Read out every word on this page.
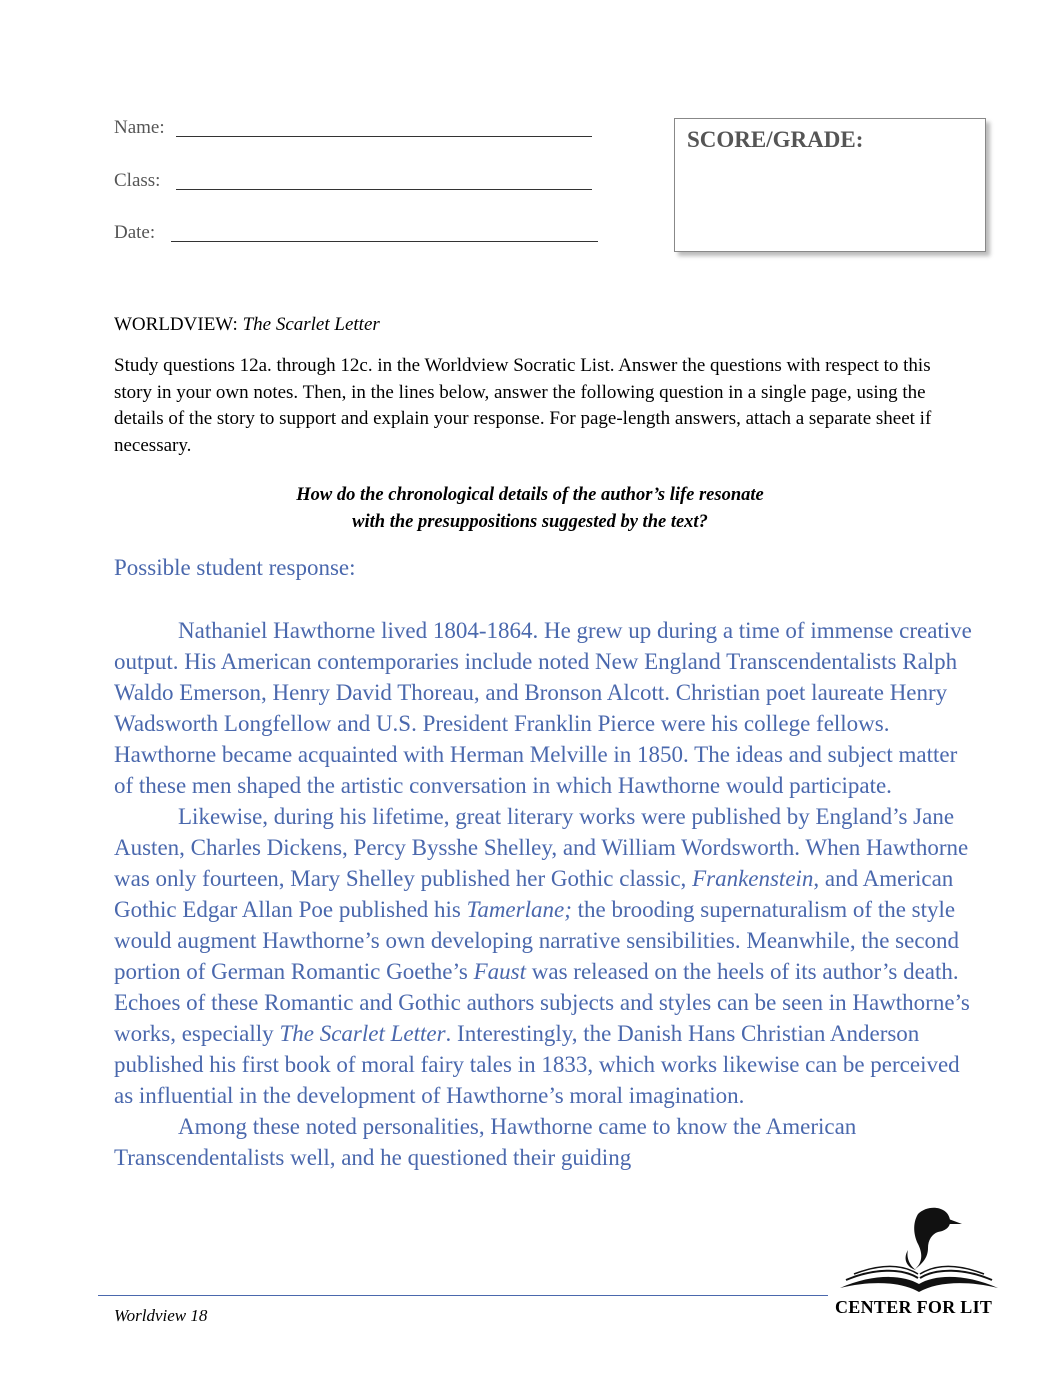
Name:
Class:
Date:
SCORE/GRADE:
WORLDVIEW: The Scarlet Letter
Study questions 12a. through 12c. in the Worldview Socratic List. Answer the questions with respect to this story in your own notes. Then, in the lines below, answer the following question in a single page, using the details of the story to support and explain your response. For page-length answers, attach a separate sheet if necessary.
How do the chronological details of the author’s life resonate
with the presuppositions suggested by the text?
Possible student response:

Nathaniel Hawthorne lived 1804-1864. He grew up during a time of immense creative output. His American contemporaries include noted New England Transcendentalists Ralph Waldo Emerson, Henry David Thoreau, and Bronson Alcott. Christian poet laureate Henry Wadsworth Longfellow and U.S. President Franklin Pierce were his college fellows. Hawthorne became acquainted with Herman Melville in 1850. The ideas and subject matter of these men shaped the artistic conversation in which Hawthorne would participate.

Likewise, during his lifetime, great literary works were published by England’s Jane Austen, Charles Dickens, Percy Bysshe Shelley, and William Wordsworth. When Hawthorne was only fourteen, Mary Shelley published her Gothic classic, Frankenstein, and American Gothic Edgar Allan Poe published his Tamerlane; the brooding supernaturalism of the style would augment Hawthorne’s own developing narrative sensibilities. Meanwhile, the second portion of German Romantic Goethe’s Faust was released on the heels of its author’s death. Echoes of these Romantic and Gothic authors subjects and styles can be seen in Hawthorne’s works, especially The Scarlet Letter. Interestingly, the Danish Hans Christian Anderson published his first book of moral fairy tales in 1833, which works likewise can be perceived as influential in the development of Hawthorne’s moral imagination.

Among these noted personalities, Hawthorne came to know the American Transcendentalists well, and he questioned their guiding

Worldview 18	CENTER FOR LIT
